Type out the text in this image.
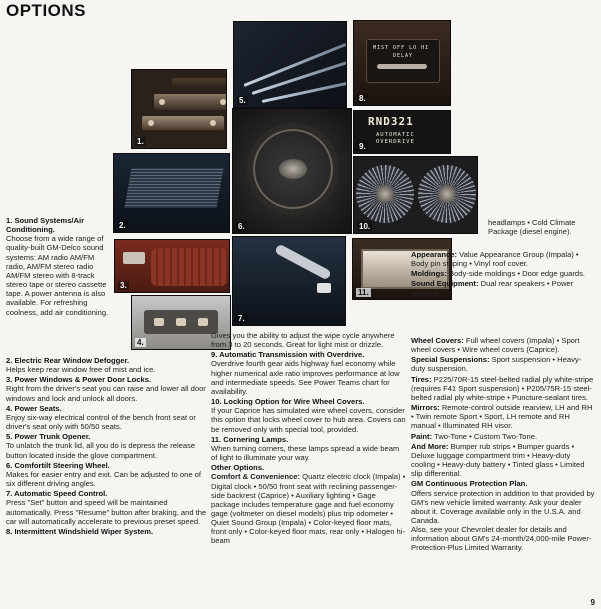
OPTIONS
1.
5.
MIST OFF LO HI
DELAY
8.
RND321
AUTOMATIC
OVERDRIVE
9.
2.	6.	10.
3.
7.
11.
4.

1. Sound Systems/Air Conditioning.
Choose from a wide range of quality-built GM-Delco sound systems: AM radio AM/FM radio, AM/FM stereo radio AM/FM stereo with 8-track stereo tape or stereo cassette tape. A power antenna is also available. For refreshing coolness, add air conditioning.

2. Electric Rear Window Defogger.
Helps keep rear window free of mist and ice.

3. Power Windows & Power Door Locks.
Right from the driver's seat you can raise and lower all door windows and lock and unlock all doors.

4. Power Seats.
Enjoy six-way electrical control of the bench front seat or driver's seat only with 50/50 seats.

5. Power Trunk Opener.
To unlatch the trunk lid, all you do is depress the release button located inside the glove compartment.

6. Comfortilt Steering Wheel.
Makes for easier entry and exit. Can be adjusted to one of six different driving angles.

7. Automatic Speed Control.
Press "Set" button and speed will be maintained automatically. Press "Resume" button after braking, and the car will automatically accelerate to previous preset speed.

8. Intermittent Windshield Wiper System.

Gives you the ability to adjust the wipe cycle anywhere from 3 to 20 seconds. Great for light mist or drizzle.

9. Automatic Transmission with Overdrive.
Overdrive fourth gear aids highway fuel economy while higher numerical axle ratio improves performance at low and intermediate speeds. See Power Teams chart for availability.

10. Locking Option for Wire Wheel Covers.
If your Caprice has simulated wire wheel covers, consider this option that locks wheel cover to hub area. Covers can be removed only with special tool, provided.

11. Cornering Lamps.
When turning corners, these lamps spread a wide beam of light to illuminate your way.

Other Options.
Comfort & Convenience: Quartz electric clock (Impala) • Digital clock • 50/50 front seat with reclining passenger-side backrest (Caprice) • Auxiliary lighting • Gage package includes temperature gage and fuel economy gage (voltmeter on diesel models) plus trip odometer • Quiet Sound Group (Impala) • Color-keyed floor mats, front only • Color-keyed floor mats, rear only • Halogen hi-beam

headlamps • Cold Climate Package (diesel engine).

Appearance: Value Appearance Group (Impala) • Body pin striping • Vinyl roof cover.

Moldings: Body-side moldings • Door edge guards.

Sound Equipment: Dual rear speakers • Power antenna.

Wheel Covers: Full wheel covers (Impala) • Sport wheel covers • Wire wheel covers (Caprice).

Special Suspensions: Sport suspension • Heavy-duty suspension.

Tires: P225/70R-15 steel-belted radial ply white-stripe (requires F41 Sport suspension) • P205/75R-15 steel-belted radial ply white-stripe • Puncture-sealant tires.

Mirrors: Remote-control outside rearview, LH and RH • Twin remote Sport • Sport, LH remote and RH manual • Illuminated RH visor.

Paint: Two-Tone • Custom Two-Tone.

And More: Bumper rub strips • Bumper guards • Deluxe luggage compartment trim • Heavy-duty cooling • Heavy-duty battery • Tinted glass • Limited slip differential.

GM Continuous Protection Plan.
Offers service protection in addition to that provided by GM's new vehicle limited warranty. Ask your dealer about it. Coverage available only in the U.S.A. and Canada.
Also, see your Chevrolet dealer for details and information about GM's 24-month/24,000-mile Power-Protection-Plus Limited Warranty.

9
